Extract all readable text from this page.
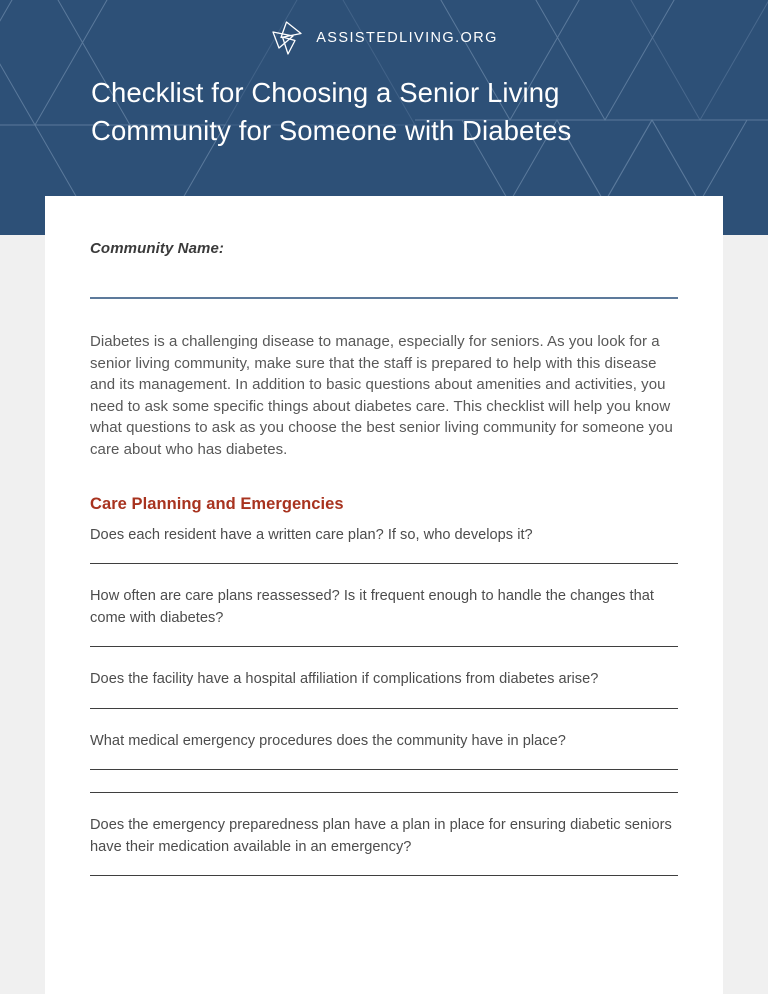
ASSISTEDLIVING.ORG
Checklist for Choosing a Senior Living Community for Someone with Diabetes
Community Name:

Diabetes is a challenging disease to manage, especially for seniors. As you look for a senior living community, make sure that the staff is prepared to help with this disease and its management. In addition to basic questions about amenities and activities, you need to ask some specific things about diabetes care. This checklist will help you know what questions to ask as you choose the best senior living community for someone you care about who has diabetes.

Care Planning and Emergencies

Does each resident have a written care plan? If so, who develops it?

How often are care plans reassessed? Is it frequent enough to handle the changes that come with diabetes?

Does the facility have a hospital affiliation if complications from diabetes arise?

What medical emergency procedures does the community have in place?

Does the emergency preparedness plan have a plan in place for ensuring diabetic seniors have their medication available in an emergency?
